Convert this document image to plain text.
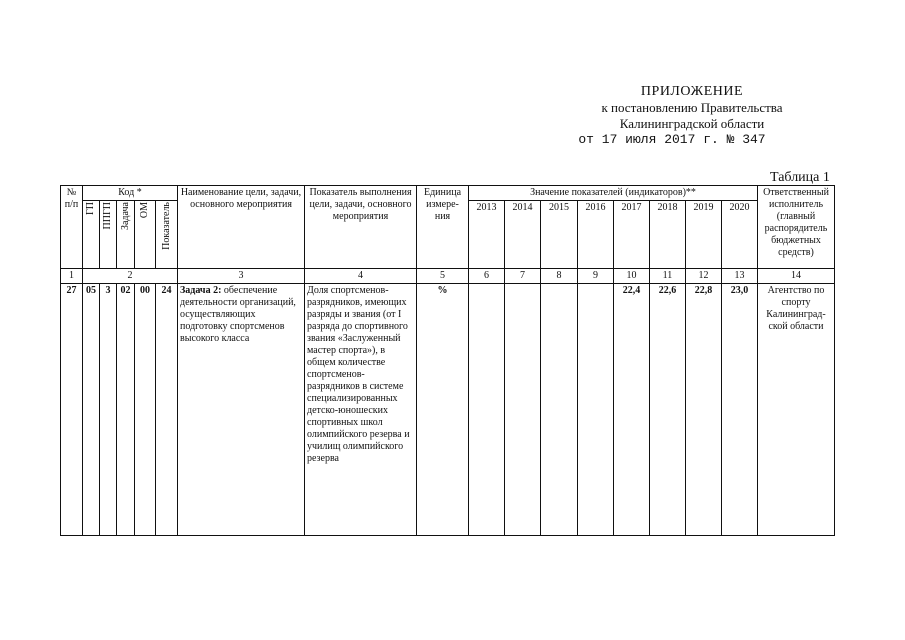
ПРИЛОЖЕНИЕ
к постановлению Правительства
Калининградской области
от 17 июля 2017 г. № 347
Таблица 1
№ п/п	Код *					Наименование цели, задачи, основного мероприятия	Показатель выполнения цели, задачи, основного мероприятия	Единица измере-ния	Значение показателей (индикаторов)**								Ответственный исполнитель (главный распорядитель бюджетных средств)
	ГП	ППГП	Задача	ОМ	Показатель				2013	2014	2015	2016	2017	2018	2019	2020	
1	2					3	4	5	6	7	8	9	10	11	12	13	14
27	05	3	02	00	24	Задача 2: обеспечение деятельности организаций, осуществляющих подготовку спортсменов высокого класса	Доля спортсменов-разрядников, имеющих разряды и звания (от I разряда до спортивного звания «Заслуженный мастер спорта»), в общем количестве спортсменов-разрядников в системе специализированных детско-юношеских спортивных школ олимпийского резерва и училищ олимпийского резерва	%					22,4	22,6	22,8	23,0	Агентство по спорту Калининград-ской области
